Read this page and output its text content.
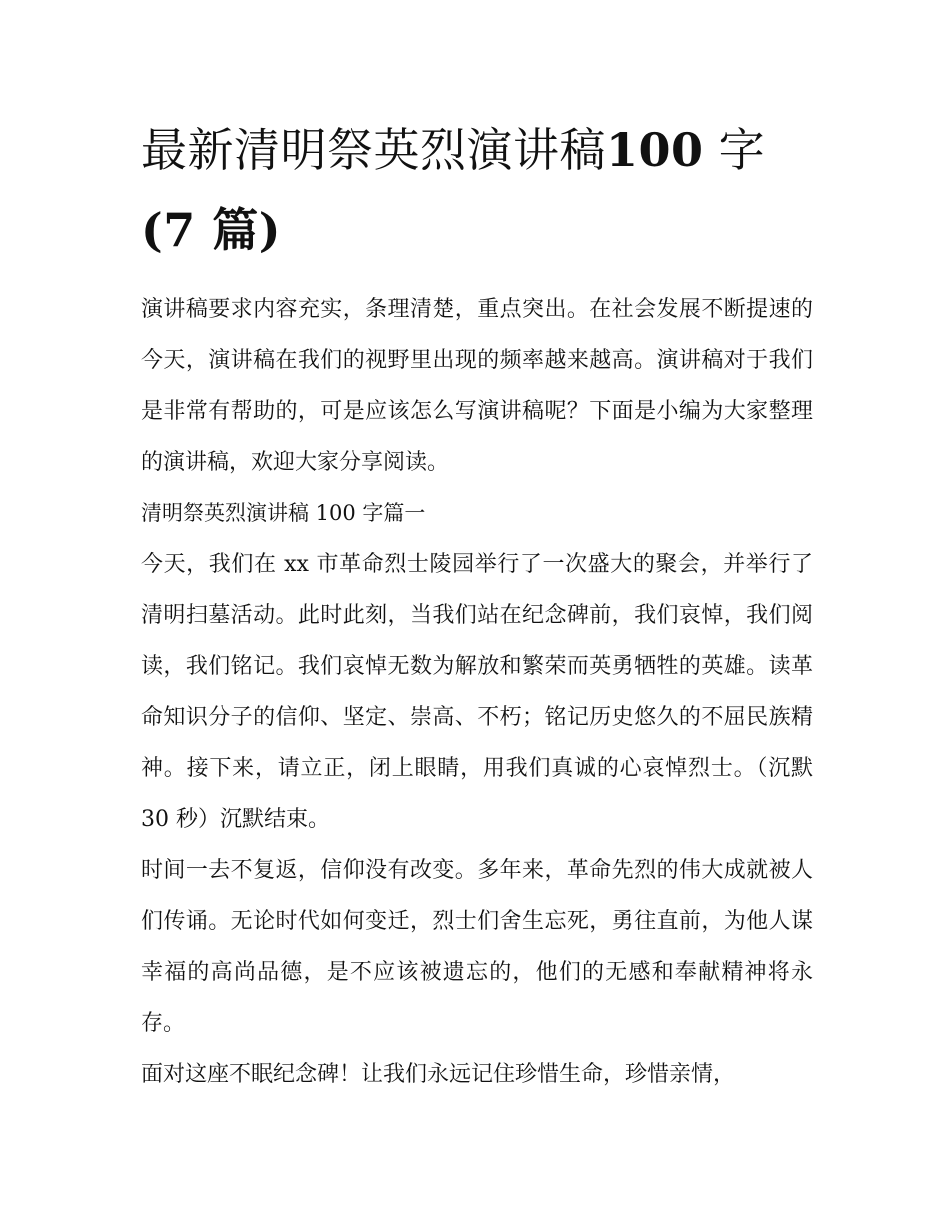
最新清明祭英烈演讲稿100 字
(7 篇)

演讲稿要求内容充实，条理清楚，重点突出。在社会发展不断提速的今天，演讲稿在我们的视野里出现的频率越来越高。演讲稿对于我们是非常有帮助的，可是应该怎么写演讲稿呢？下面是小编为大家整理的演讲稿，欢迎大家分享阅读。

清明祭英烈演讲稿 100 字篇一

今天，我们在 xx 市革命烈士陵园举行了一次盛大的聚会，并举行了清明扫墓活动。此时此刻，当我们站在纪念碑前，我们哀悼，我们阅读，我们铭记。我们哀悼无数为解放和繁荣而英勇牺牲的英雄。读革命知识分子的信仰、坚定、崇高、不朽；铭记历史悠久的不屈民族精神。接下来，请立正，闭上眼睛，用我们真诚的心哀悼烈士。（沉默 30 秒）沉默结束。

时间一去不复返，信仰没有改变。多年来，革命先烈的伟大成就被人们传诵。无论时代如何变迁，烈士们舍生忘死，勇往直前，为他人谋幸福的高尚品德，是不应该被遗忘的，他们的无感和奉献精神将永存。

面对这座不眠纪念碑！让我们永远记住珍惜生命，珍惜亲情，
